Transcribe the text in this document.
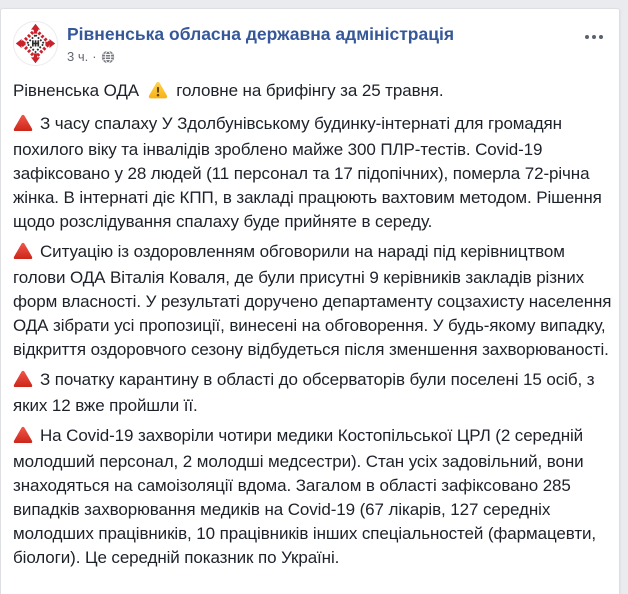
Рівненська обласна державна адміністрація
3 ч. ·

Рівненська ОДА головне на брифінгу за 25 травня.

З часу спалаху У Здолбунівському будинку-інтернаті для громадян похилого віку та інвалідів зроблено майже 300 ПЛР-тестів. Covid-19 зафіксовано у 28 людей (11 персонал та 17 підопічних), померла 72-річна жінка. В інтернаті діє КПП, в закладі працюють вахтовим методом. Рішення щодо розслідування спалаху буде прийняте в середу.

Ситуацію із оздоровленням обговорили на нараді під керівництвом голови ОДА Віталія Коваля, де були присутні 9 керівників закладів різних форм власності. У результаті доручено департаменту соцзахисту населення ОДА зібрати усі пропозиції, винесені на обговорення. У будь-якому випадку, відкриття оздоровчого сезону відбудеться після зменшення захворюваності.

З початку карантину в області до обсерваторів були поселені 15 осіб, з яких 12 вже пройшли її.

На Covid-19 захворіли чотири медики Костопільської ЦРЛ (2 середній молодший персонал, 2 молодші медсестри). Стан усіх задовільний, вони знаходяться на самоізоляції вдома. Загалом в області зафіксовано 285 випадків захворювання медиків на Covid-19 (67 лікарів, 127 середніх молодших працівників, 10 працівників інших спеціальностей (фармацевти, біологи). Це середній показник по Україні.
